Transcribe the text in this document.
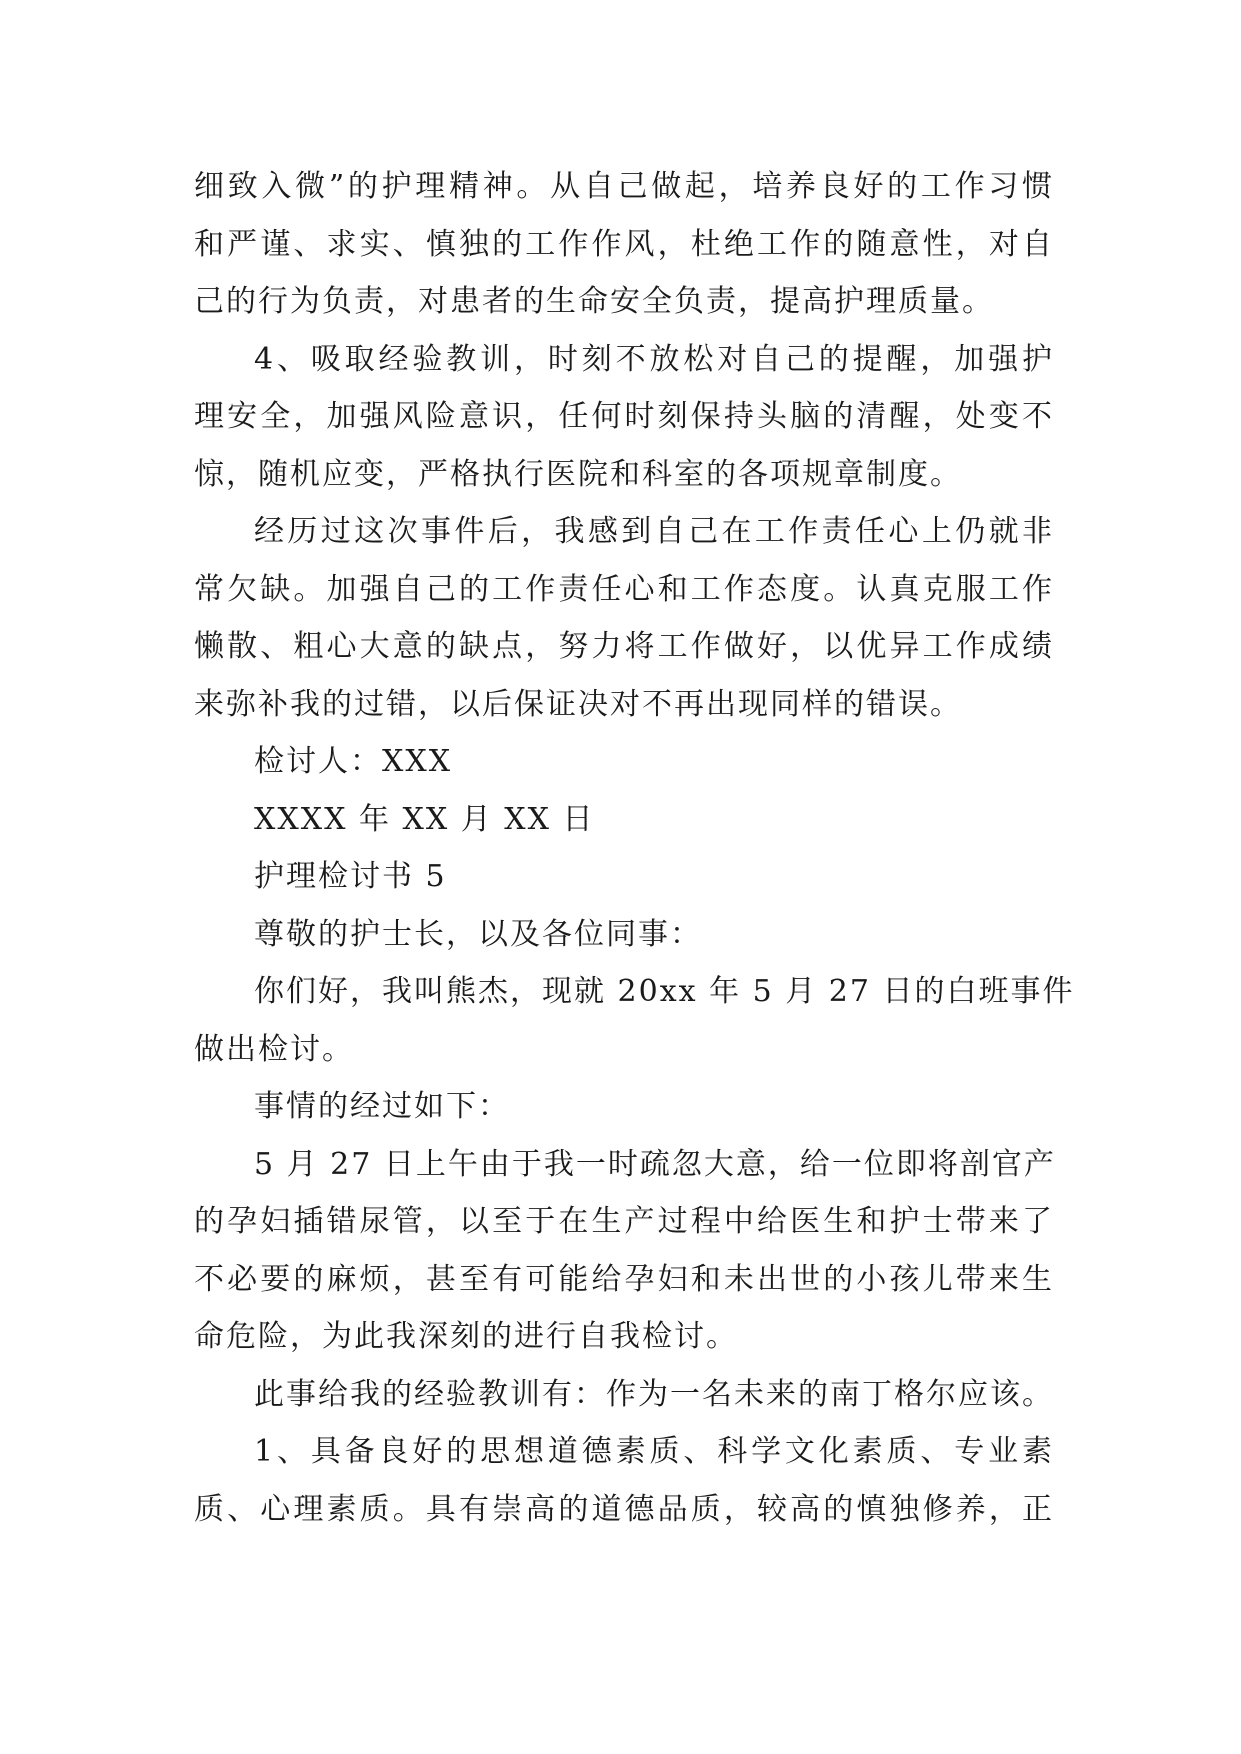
细致入微”的护理精神。从自己做起，培养良好的工作习惯
和严谨、求实、慎独的工作作风，杜绝工作的随意性，对自
己的行为负责，对患者的生命安全负责，提高护理质量。
4、吸取经验教训，时刻不放松对自己的提醒，加强护
理安全，加强风险意识，任何时刻保持头脑的清醒，处变不
惊，随机应变，严格执行医院和科室的各项规章制度。
经历过这次事件后，我感到自己在工作责任心上仍就非
常欠缺。加强自己的工作责任心和工作态度。认真克服工作
懒散、粗心大意的缺点，努力将工作做好，以优异工作成绩
来弥补我的过错，以后保证决对不再出现同样的错误。
检讨人：XXX
XXXX 年 XX 月 XX 日
护理检讨书 5
尊敬的护士长，以及各位同事：
你们好，我叫熊杰，现就 20xx 年 5 月 27 日的白班事件
做出检讨。
事情的经过如下：
5 月 27 日上午由于我一时疏忽大意，给一位即将剖官产
的孕妇插错尿管，以至于在生产过程中给医生和护士带来了
不必要的麻烦，甚至有可能给孕妇和未出世的小孩儿带来生
命危险，为此我深刻的进行自我检讨。
此事给我的经验教训有：作为一名未来的南丁格尔应该。
1、具备良好的思想道德素质、科学文化素质、专业素
质、心理素质。具有崇高的道德品质，较高的慎独修养，正
